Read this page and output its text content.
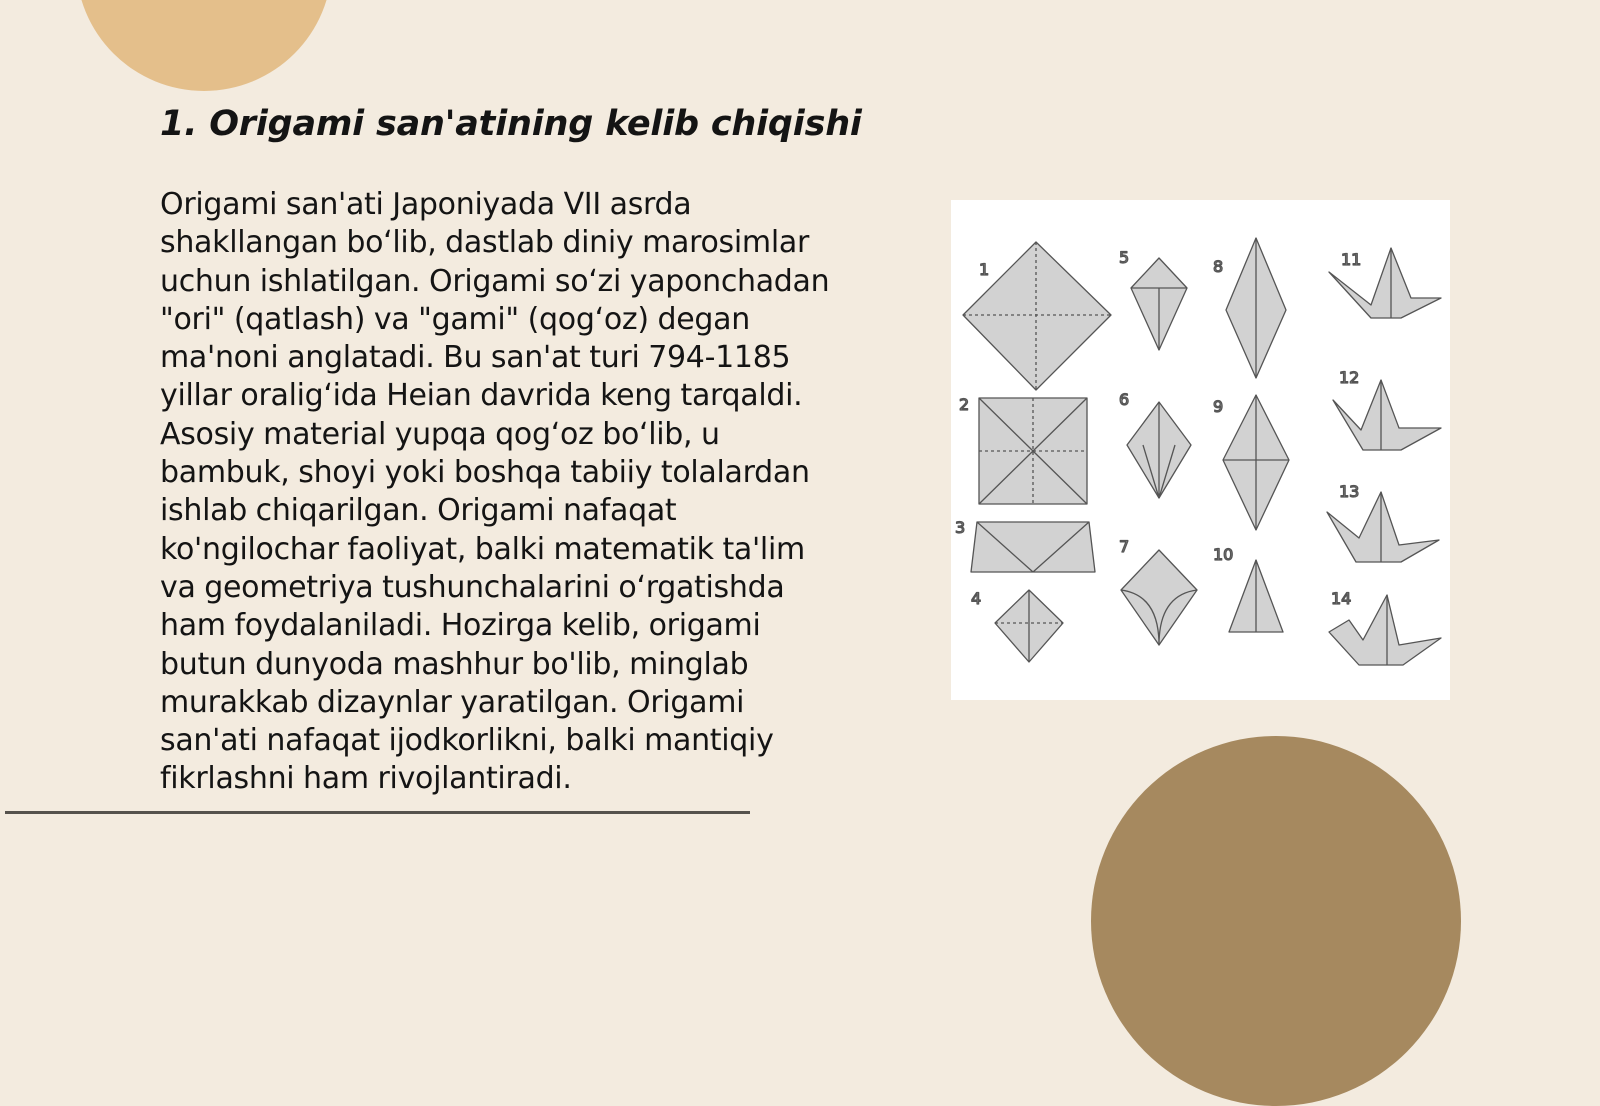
1. Origami san'atining kelib chiqishi

Origami san'ati Japoniyada VII asrda shakllangan bo‘lib, dastlab diniy marosimlar uchun ishlatilgan. Origami so‘zi yaponchadan "ori" (qatlash) va "gami" (qog‘oz) degan ma'noni anglatadi. Bu san'at turi 794-1185 yillar oralig‘ida Heian davrida keng tarqaldi. Asosiy material yupqa qog‘oz bo‘lib, u bambuk, shoyi yoki boshqa tabiiy tolalardan ishlab chiqarilgan. Origami nafaqat ko'ngilochar faoliyat, balki matematik ta'lim va geometriya tushunchalarini o‘rgatishda ham foydalaniladi. Hozirga kelib, origami butun dunyoda mashhur bo'lib, minglab murakkab dizaynlar yaratilgan. Origami san'ati nafaqat ijodkorlikni, balki mantiqiy fikrlashni ham rivojlantiradi.

1
2
3
4
5
6
7
8
9
10
11
12
13
14
